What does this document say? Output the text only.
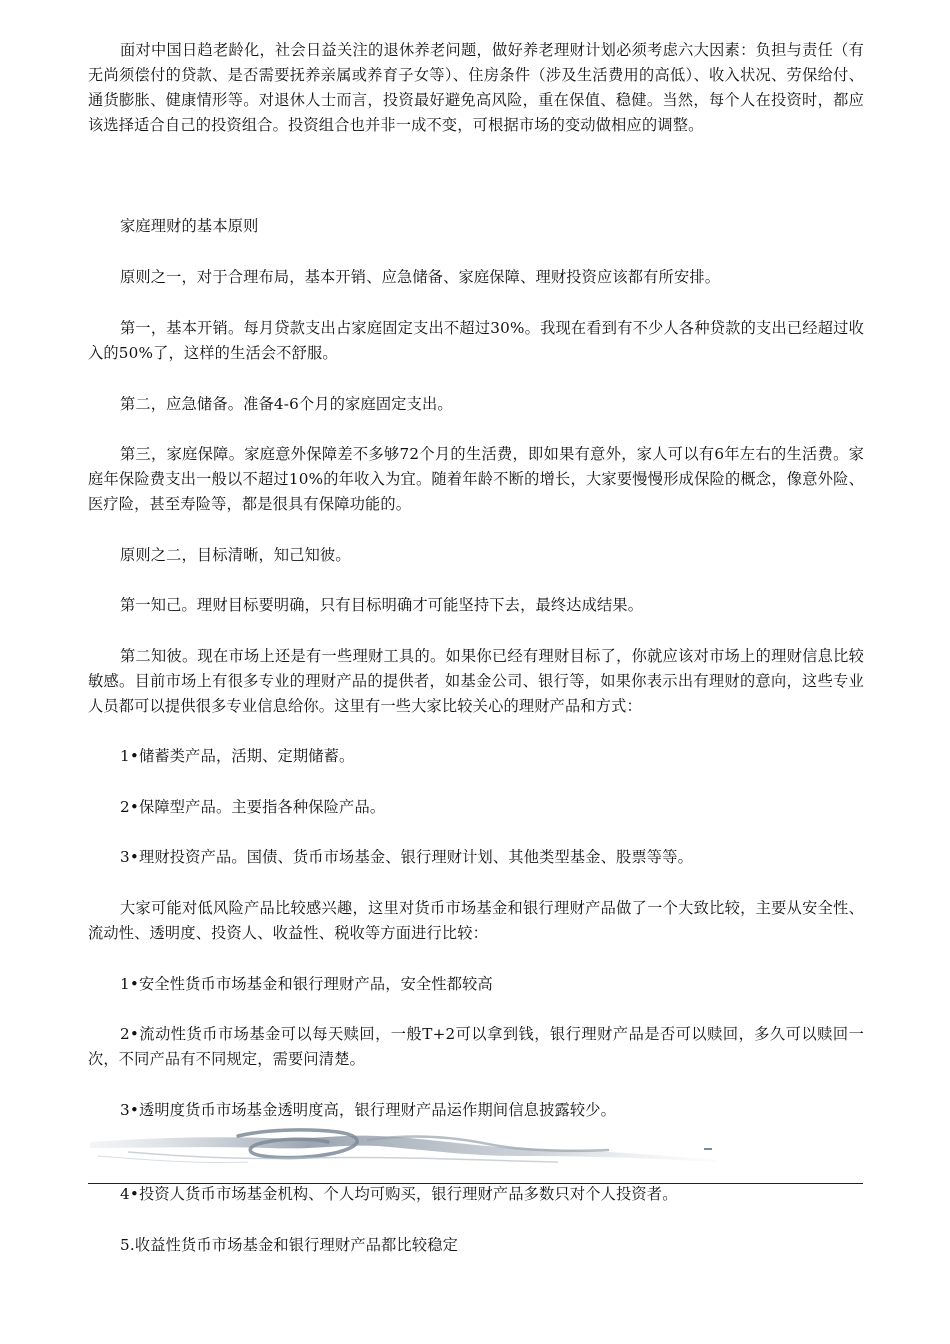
面对中国日趋老龄化，社会日益关注的退休养老问题，做好养老理财计划必须考虑六大因素：负担与责任（有无尚须偿付的贷款、是否需要抚养亲属或养育子女等）、住房条件（涉及生活费用的高低）、收入状况、劳保给付、通货膨胀、健康情形等。对退休人士而言，投资最好避免高风险，重在保值、稳健。当然，每个人在投资时，都应该选择适合自己的投资组合。投资组合也并非一成不变，可根据市场的变动做相应的调整。

家庭理财的基本原则

原则之一，对于合理布局，基本开销、应急储备、家庭保障、理财投资应该都有所安排。

第一，基本开销。每月贷款支出占家庭固定支出不超过30%。我现在看到有不少人各种贷款的支出已经超过收入的50%了，这样的生活会不舒服。

第二，应急储备。准备4-6个月的家庭固定支出。

第三，家庭保障。家庭意外保障差不多够72个月的生活费，即如果有意外，家人可以有6年左右的生活费。家庭年保险费支出一般以不超过10%的年收入为宜。随着年龄不断的增长，大家要慢慢形成保险的概念，像意外险、医疗险，甚至寿险等，都是很具有保障功能的。

原则之二，目标清晰，知己知彼。

第一知己。理财目标要明确，只有目标明确才可能坚持下去，最终达成结果。

第二知彼。现在市场上还是有一些理财工具的。如果你已经有理财目标了，你就应该对市场上的理财信息比较敏感。目前市场上有很多专业的理财产品的提供者，如基金公司、银行等，如果你表示出有理财的意向，这些专业人员都可以提供很多专业信息给你。这里有一些大家比较关心的理财产品和方式：

1•储蓄类产品，活期、定期储蓄。

2•保障型产品。主要指各种保险产品。

3•理财投资产品。国债、货币市场基金、银行理财计划、其他类型基金、股票等等。

大家可能对低风险产品比较感兴趣，这里对货币市场基金和银行理财产品做了一个大致比较，主要从安全性、流动性、透明度、投资人、收益性、税收等方面进行比较：

1•安全性货币市场基金和银行理财产品，安全性都较高

2•流动性货币市场基金可以每天赎回，一般T+2可以拿到钱，银行理财产品是否可以赎回，多久可以赎回一次，不同产品有不同规定，需要问清楚。

3•透明度货币市场基金透明度高，银行理财产品运作期间信息披露较少。

4•投资人货币市场基金机构、个人均可购买，银行理财产品多数只对个人投资者。

5.收益性货币市场基金和银行理财产品都比较稳定
